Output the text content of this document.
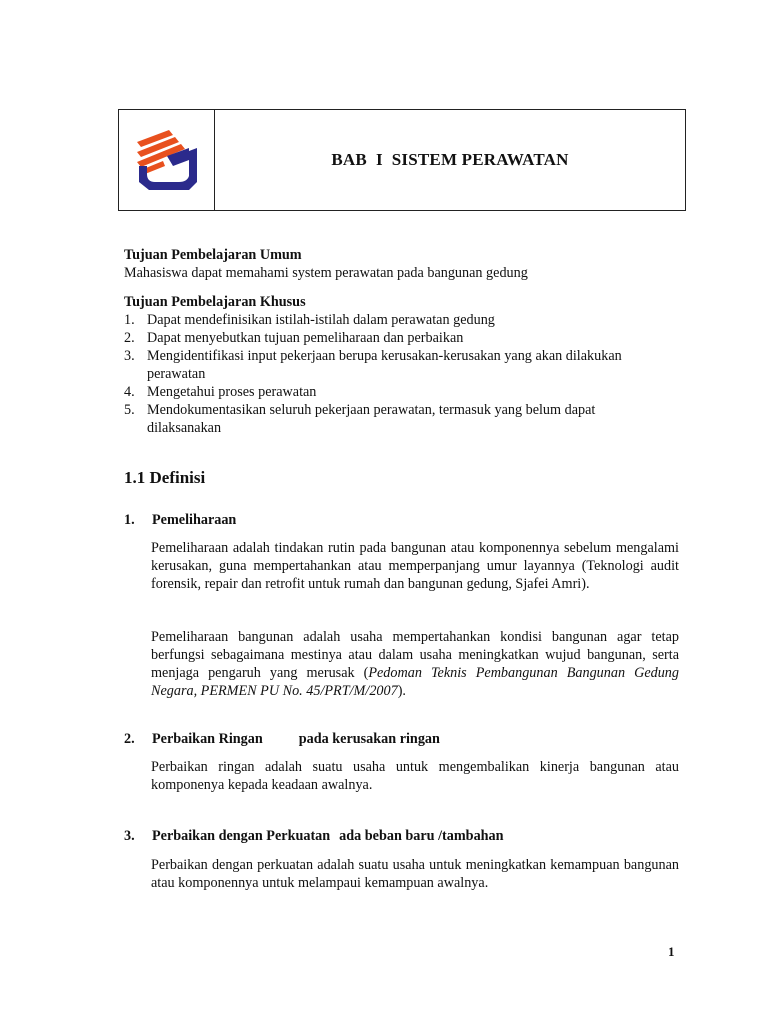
BAB I SISTEM PERAWATAN
Tujuan Pembelajaran Umum
Mahasiswa dapat memahami system perawatan pada bangunan gedung
Tujuan Pembelajaran Khusus
1. Dapat mendefinisikan istilah-istilah dalam perawatan gedung
2. Dapat menyebutkan tujuan pemeliharaan dan perbaikan
3. Mengidentifikasi input pekerjaan berupa kerusakan-kerusakan yang akan dilakukan
perawatan
4. Mengetahui proses perawatan
5. Mendokumentasikan seluruh pekerjaan perawatan, termasuk yang belum dapat
dilaksanakan
1.1 Definisi
1. Pemeliharaan
Pemeliharaan adalah tindakan rutin pada bangunan atau komponennya sebelum mengalami kerusakan, guna mempertahankan atau memperpanjang umur layannya (Teknologi audit forensik, repair dan retrofit untuk rumah dan bangunan gedung, Sjafei Amri).
Pemeliharaan bangunan adalah usaha mempertahankan kondisi bangunan agar tetap berfungsi sebagaimana mestinya atau dalam usaha meningkatkan wujud bangunan, serta menjaga pengaruh yang merusak (Pedoman Teknis Pembangunan Bangunan Gedung Negara, PERMEN PU No. 45/PRT/M/2007).
2. Perbaikan Ringan	pada kerusakan ringan
Perbaikan ringan adalah suatu usaha untuk mengembalikan kinerja bangunan atau komponenya kepada keadaan awalnya.
3. Perbaikan dengan Perkuatan ada beban baru /tambahan
Perbaikan dengan perkuatan adalah suatu usaha untuk meningkatkan kemampuan bangunan atau komponennya untuk melampaui kemampuan awalnya.
1
